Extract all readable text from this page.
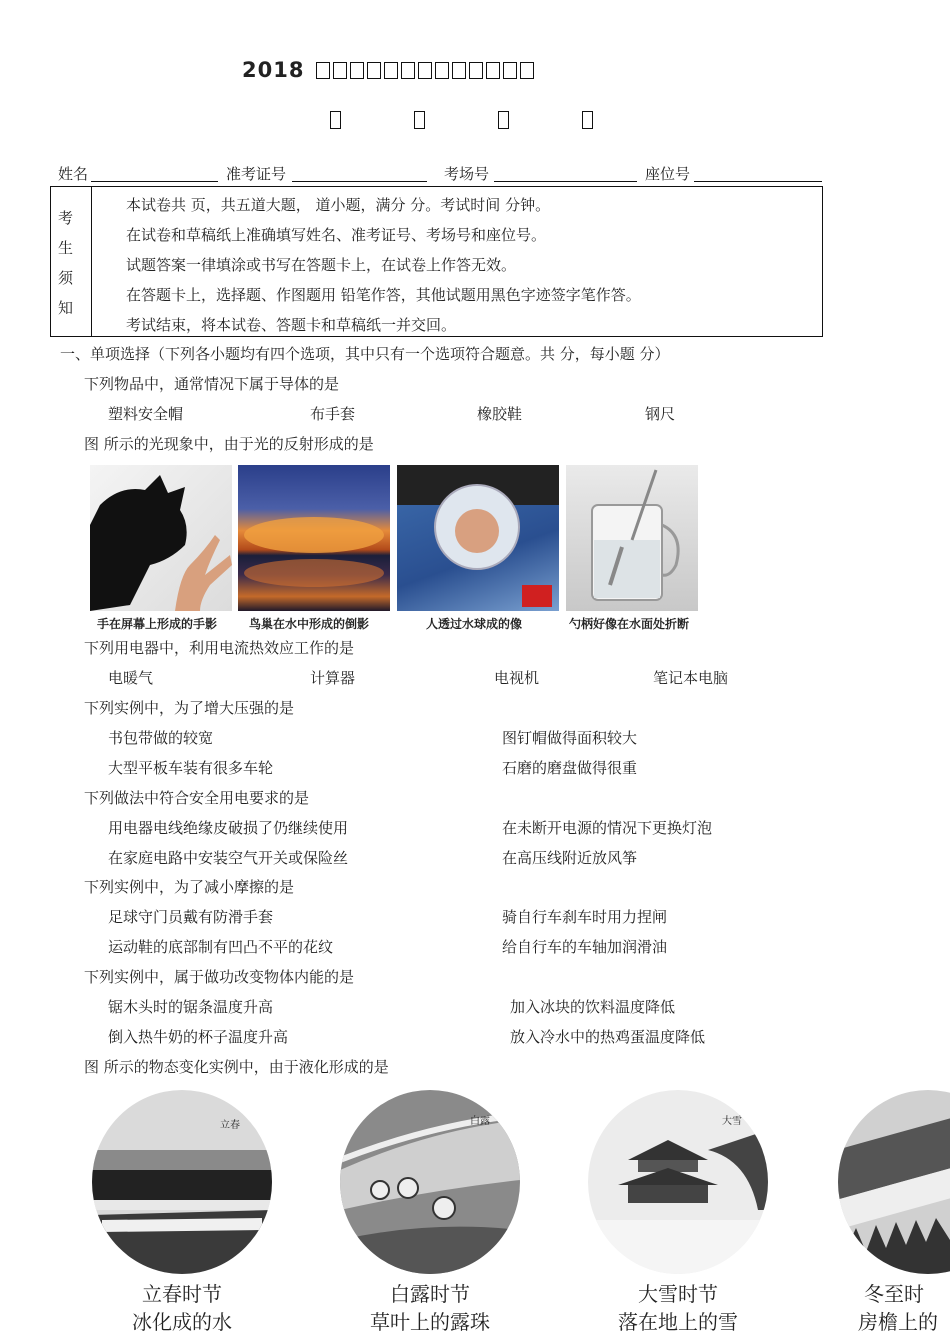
2018
姓名	准考证号	考场号	座位号
考
生
须
知
本试卷共 页，共五道大题， 道小题，满分 分。考试时间 分钟。
在试卷和草稿纸上准确填写姓名、准考证号、考场号和座位号。
试题答案一律填涂或书写在答题卡上，在试卷上作答无效。
在答题卡上，选择题、作图题用 铅笔作答，其他试题用黑色字迹签字笔作答。
考试结束，将本试卷、答题卡和草稿纸一并交回。
一、单项选择（下列各小题均有四个选项，其中只有一个选项符合题意。共 分，每小题 分）
下列物品中，通常情况下属于导体的是
塑料安全帽	布手套	橡胶鞋	钢尺
图 所示的光现象中，由于光的反射形成的是
手在屏幕上形成的手影	鸟巢在水中形成的倒影	人透过水球成的像	勺柄好像在水面处折断
下列用电器中，利用电流热效应工作的是
电暖气	计算器	电视机	笔记本电脑
下列实例中，为了增大压强的是
书包带做的较宽	图钉帽做得面积较大
大型平板车装有很多车轮	石磨的磨盘做得很重
下列做法中符合安全用电要求的是
用电器电线绝缘皮破损了仍继续使用	在未断开电源的情况下更换灯泡
在家庭电路中安装空气开关或保险丝	在高压线附近放风筝
下列实例中，为了减小摩擦的是
足球守门员戴有防滑手套	骑自行车刹车时用力捏闸
运动鞋的底部制有凹凸不平的花纹	给自行车的车轴加润滑油
下列实例中，属于做功改变物体内能的是
锯木头时的锯条温度升高	加入冰块的饮料温度降低
倒入热牛奶的杯子温度升高	放入冷水中的热鸡蛋温度降低
图 所示的物态变化实例中，由于液化形成的是
立春
立春时节
冰化成的水
白露
白露时节
草叶上的露珠
大雪
大雪时节
落在地上的雪
冬至时
房檐上的
